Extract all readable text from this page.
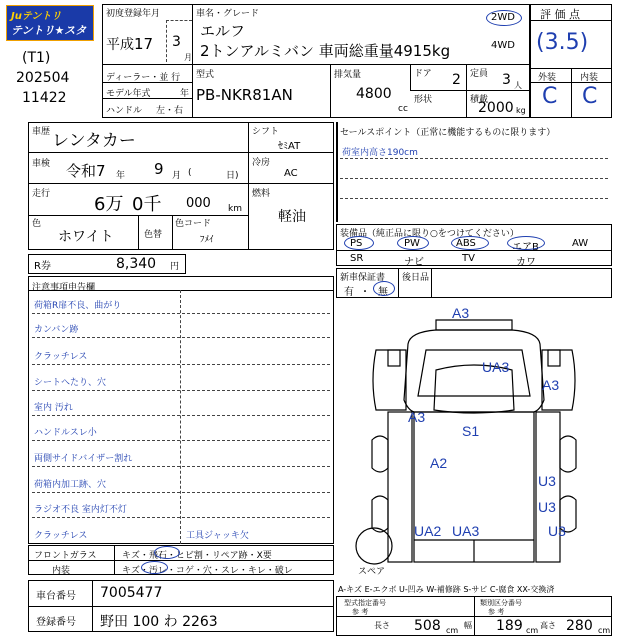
Juテントリ
テントリ★スター
(T1)
202504
11422
初度登録年月
平成17 3
月
ディーラー・並 行
モデル年式	年
ハンドル 左・右
車名・グレード
エルフ
2トンアルミバン 車両総重量4915kg
2WD
4WD
型式
PB-NKR81AN
排気量
4800
cc
ドア 2 定員 3 人
形状	積載
2000 kg
評 価 点
(3.5)
外装	内装
C C
車歴 レンタカー
車検 令和7 年 9 月 (	日)
走行 6万 0千 000 km
色
ホワイト	色替
色コード
ﾌﾒｲ
シフト
ｾﾐAT
冷房
AC
燃料
軽油
R券	8,340 円
セールスポイント（正常に機能するものに限ります）
荷室内高さ190cm
装備品（純正品に限り○をつけてください）
PS	PW	ABS	エアB	AW
SR	ナビ	TV	カワ
新車保証書
有 ・ 無
後日品
注意事項申告欄
荷箱R扉不良、曲がり
カンバン跡
クラッチレス
シートへたり、穴
室内 汚れ
ハンドルスレ小
両側サイドバイザー割れ
荷箱内加工跡、穴
ラジオ不良 室内灯不灯
クラッチレス	工具ジャッキ欠
フロントガラス	キズ・飛石・ヒビ割・リペア跡・X要
内装	キズ・汚レ・コゲ・穴・スレ・キレ・破レ
車台番号 7005477
登録番号 野田 100 わ 2263
A3
UA3
A3
A3
S1
A2
U3
U3
UA2 UA3	U3
スペア
A-キズ E-エクボ U-凹み W-補修跡 S-サビ C-腐食 XX-交換済
型式指定番号
参 考
類別区分番号
参 考
長さ 508 cm
幅 189 cm
高さ 280 cm
